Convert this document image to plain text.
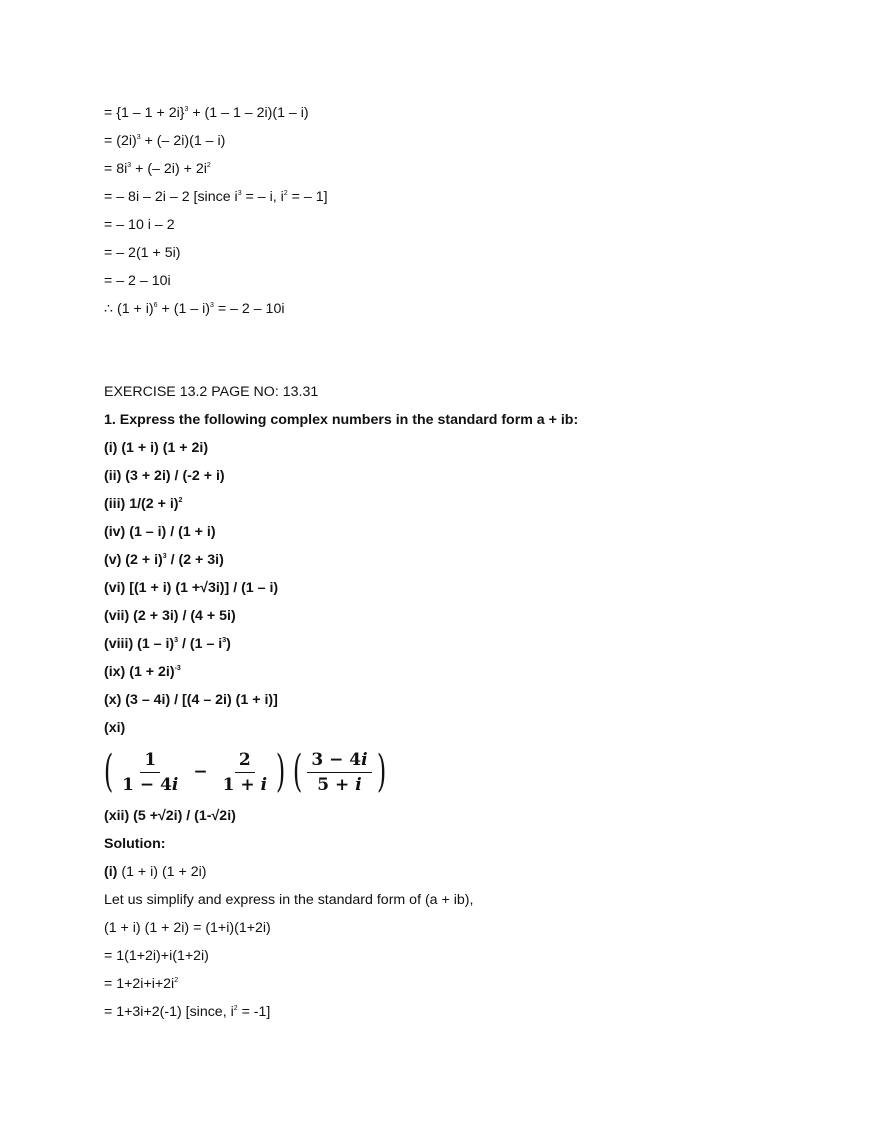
= $\{1 - 1 + 2i\}^3 + (1 - 1 - 2i)(1 - i)$
= $(2i)^3$ + (– 2i)(1 – i)
= $8i^3$ + (– $2i) + 2i^2$
= – 8i – 2i – 2 [since $i^3$ = – i, $i^2$ = – 1]
= – 10 i – 2
= – 2(1 + 5i)
= – 2 – 10i
∴ $(1 + i)^6 + (1 - i)^3$ = – 2 – 10i
EXERCISE 13.2 PAGE NO: 13.31
1. Express the following complex numbers in the standard form a + ib:
(i) (1 + i) (1 + 2i)
(ii) (3 + 2i) / (-2 + i)
(iii) $1/(2 + i)^2$
(iv) (1 – i) / (1 + i)
(v) $(2 + i)^3 / (2 + 3i)$
(vi) [(1 + i) (1 +√3i)] / (1 – i)
(vii) (2 + 3i) / (4 + 5i)
(viii) $(1 - i)^3 / (1 - i^3)$
(ix) $(1 + 2i)^{-3}$
(x) (3 – 4i) / [(4 – 2i) (1 + i)]
(xi)
( $\frac{1}{1 - 4i} - \frac{2}{1 + i}$ ) ( $\frac{3 - 4i}{5 + i}$ )
(xii) (5 +√2i) / (1-√2i)
Solution:
(i) (1 + i) (1 + 2i)
Let us simplify and express in the standard form of (a + ib),
(1 + i) (1 + 2i) = (1+i)(1+2i)
= 1(1+2i)+i(1+2i)
= $1+2i+i+2i^2$
= 1+3i+2(-1) [since, $i^2 = -1$]
